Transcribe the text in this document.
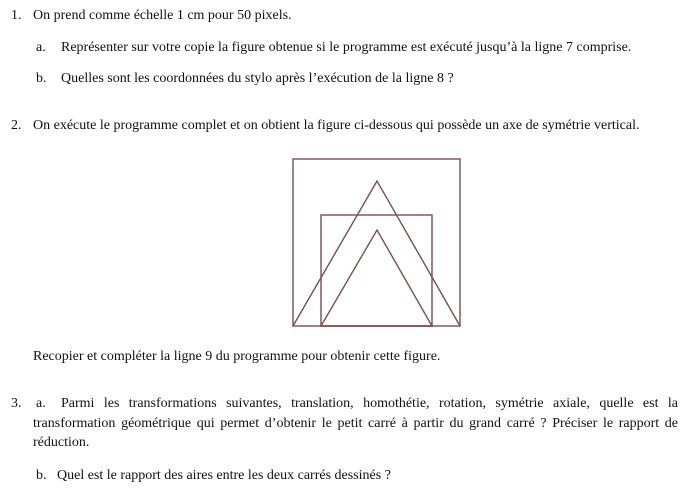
1. On prend comme échelle 1 cm pour 50 pixels.
a. Représenter sur votre copie la figure obtenue si le programme est exécuté jusqu’à la ligne 7 comprise.
b. Quelles sont les coordonnées du stylo après l’exécution de la ligne 8 ?
2. On exécute le programme complet et on obtient la figure ci-dessous qui possède un axe de symétrie vertical.
Recopier et compléter la ligne 9 du programme pour obtenir cette figure.
3. a.	Parmi les transformations suivantes, translation, homothétie, rotation, symétrie axiale, quelle est la transformation géométrique qui permet d’obtenir le petit carré à partir du grand carré ? Préciser le rapport de réduction.
b. Quel est le rapport des aires entre les deux carrés dessinés ?
